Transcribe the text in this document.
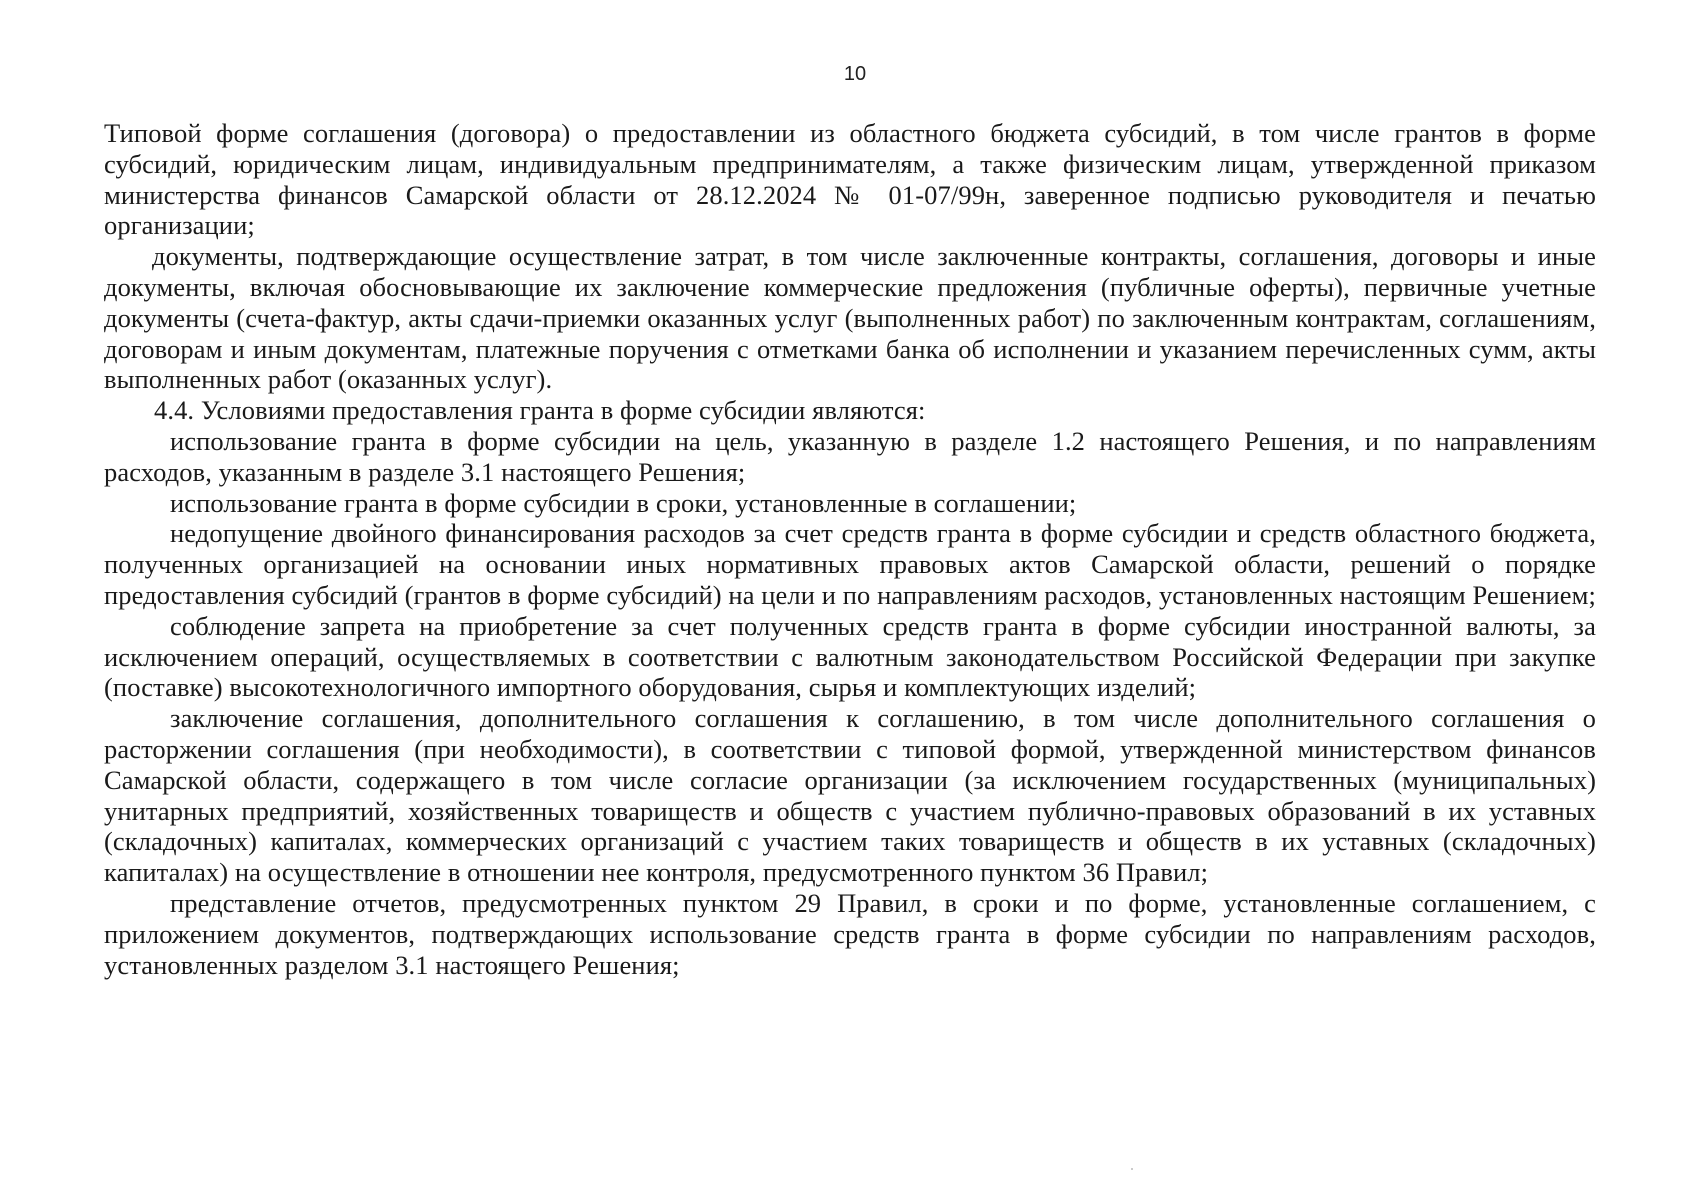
10

Типовой форме соглашения (договора) о предоставлении из областного бюджета субсидий, в том числе грантов в форме субсидий, юридическим лицам, индивидуальным предпринимателям, а также физическим лицам, утвержденной приказом министерства финансов Самарской области от 28.12.2024 № 01-07/99н, заверенное подписью руководителя и печатью организации;

документы, подтверждающие осуществление затрат, в том числе заключенные контракты, соглашения, договоры и иные документы, включая обосновывающие их заключение коммерческие предложения (публичные оферты), первичные учетные документы (счета-фактур, акты сдачи-приемки оказанных услуг (выполненных работ) по заключенным контрактам, соглашениям, договорам и иным документам, платежные поручения с отметками банка об исполнении и указанием перечисленных сумм, акты выполненных работ (оказанных услуг).

4.4. Условиями предоставления гранта в форме субсидии являются:

использование гранта в форме субсидии на цель, указанную в разделе 1.2 настоящего Решения, и по направлениям расходов, указанным в разделе 3.1 настоящего Решения;

использование гранта в форме субсидии в сроки, установленные в соглашении;

недопущение двойного финансирования расходов за счет средств гранта в форме субсидии и средств областного бюджета, полученных организацией на основании иных нормативных правовых актов Самарской области, решений о порядке предоставления субсидий (грантов в форме субсидий) на цели и по направлениям расходов, установленных настоящим Решением;

соблюдение запрета на приобретение за счет полученных средств гранта в форме субсидии иностранной валюты, за исключением операций, осуществляемых в соответствии с валютным законодательством Российской Федерации при закупке (поставке) высокотехнологичного импортного оборудования, сырья и комплектующих изделий;

заключение соглашения, дополнительного соглашения к соглашению, в том числе дополнительного соглашения о расторжении соглашения (при необходимости), в соответствии с типовой формой, утвержденной министерством финансов Самарской области, содержащего в том числе согласие организации (за исключением государственных (муниципальных) унитарных предприятий, хозяйственных товариществ и обществ с участием публично-правовых образований в их уставных (складочных) капиталах, коммерческих организаций с участием таких товариществ и обществ в их уставных (складочных) капиталах) на осуществление в отношении нее контроля, предусмотренного пунктом 36 Правил;

представление отчетов, предусмотренных пунктом 29 Правил, в сроки и по форме, установленные соглашением, с приложением документов, подтверждающих использование средств гранта в форме субсидии по направлениям расходов, установленных разделом 3.1 настоящего Решения;
